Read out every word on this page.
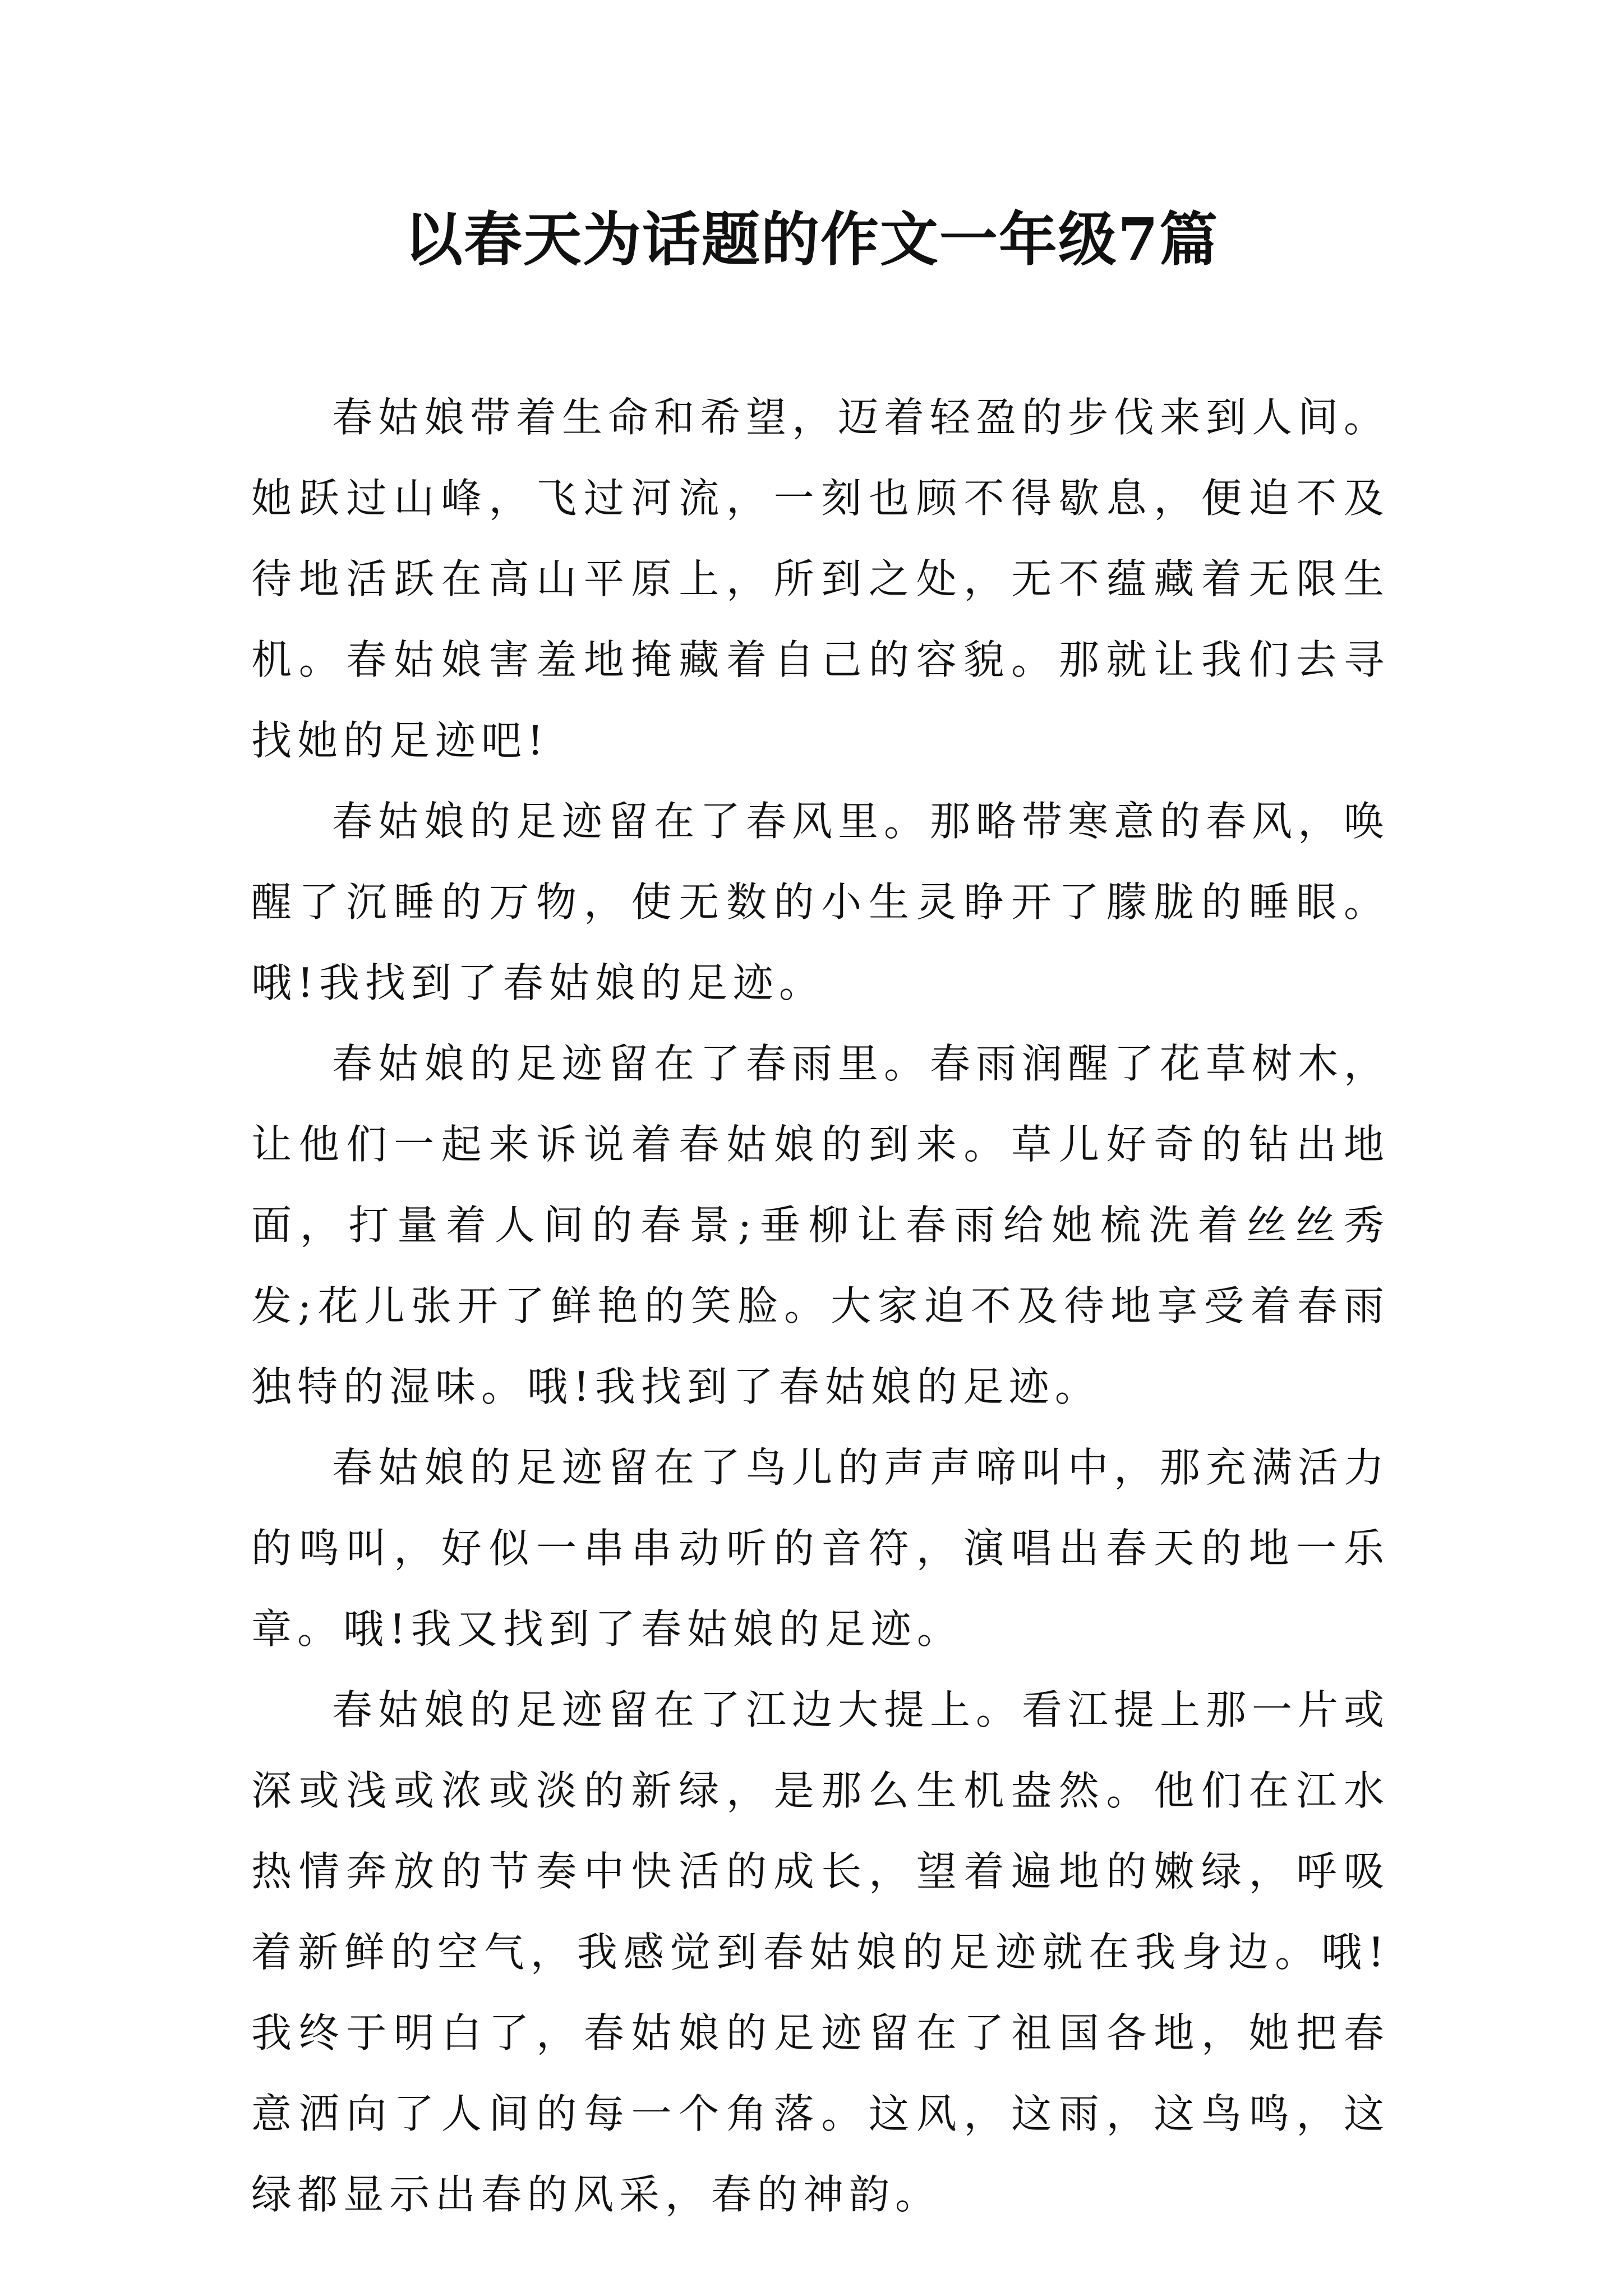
以春天为话题的作文一年级7篇

春姑娘带着生命和希望，迈着轻盈的步伐来到人间。她跃过山峰，飞过河流，一刻也顾不得歇息，便迫不及待地活跃在高山平原上，所到之处，无不蕴藏着无限生机。春姑娘害羞地掩藏着自己的容貌。那就让我们去寻找她的足迹吧!

春姑娘的足迹留在了春风里。那略带寒意的春风，唤醒了沉睡的万物，使无数的小生灵睁开了朦胧的睡眼。哦!我找到了春姑娘的足迹。

春姑娘的足迹留在了春雨里。春雨润醒了花草树木，让他们一起来诉说着春姑娘的到来。草儿好奇的钻出地面，打量着人间的春景;垂柳让春雨给她梳洗着丝丝秀发;花儿张开了鲜艳的笑脸。大家迫不及待地享受着春雨独特的湿味。哦!我找到了春姑娘的足迹。

春姑娘的足迹留在了鸟儿的声声啼叫中，那充满活力的鸣叫，好似一串串动听的音符，演唱出春天的地一乐章。哦!我又找到了春姑娘的足迹。

春姑娘的足迹留在了江边大提上。看江提上那一片或深或浅或浓或淡的新绿，是那么生机盎然。他们在江水热情奔放的节奏中快活的成长，望着遍地的嫩绿，呼吸着新鲜的空气，我感觉到春姑娘的足迹就在我身边。哦!我终于明白了，春姑娘的足迹留在了祖国各地，她把春意洒向了人间的每一个角落。这风，这雨，这鸟鸣，这绿都显示出春的风采，春的神韵。
